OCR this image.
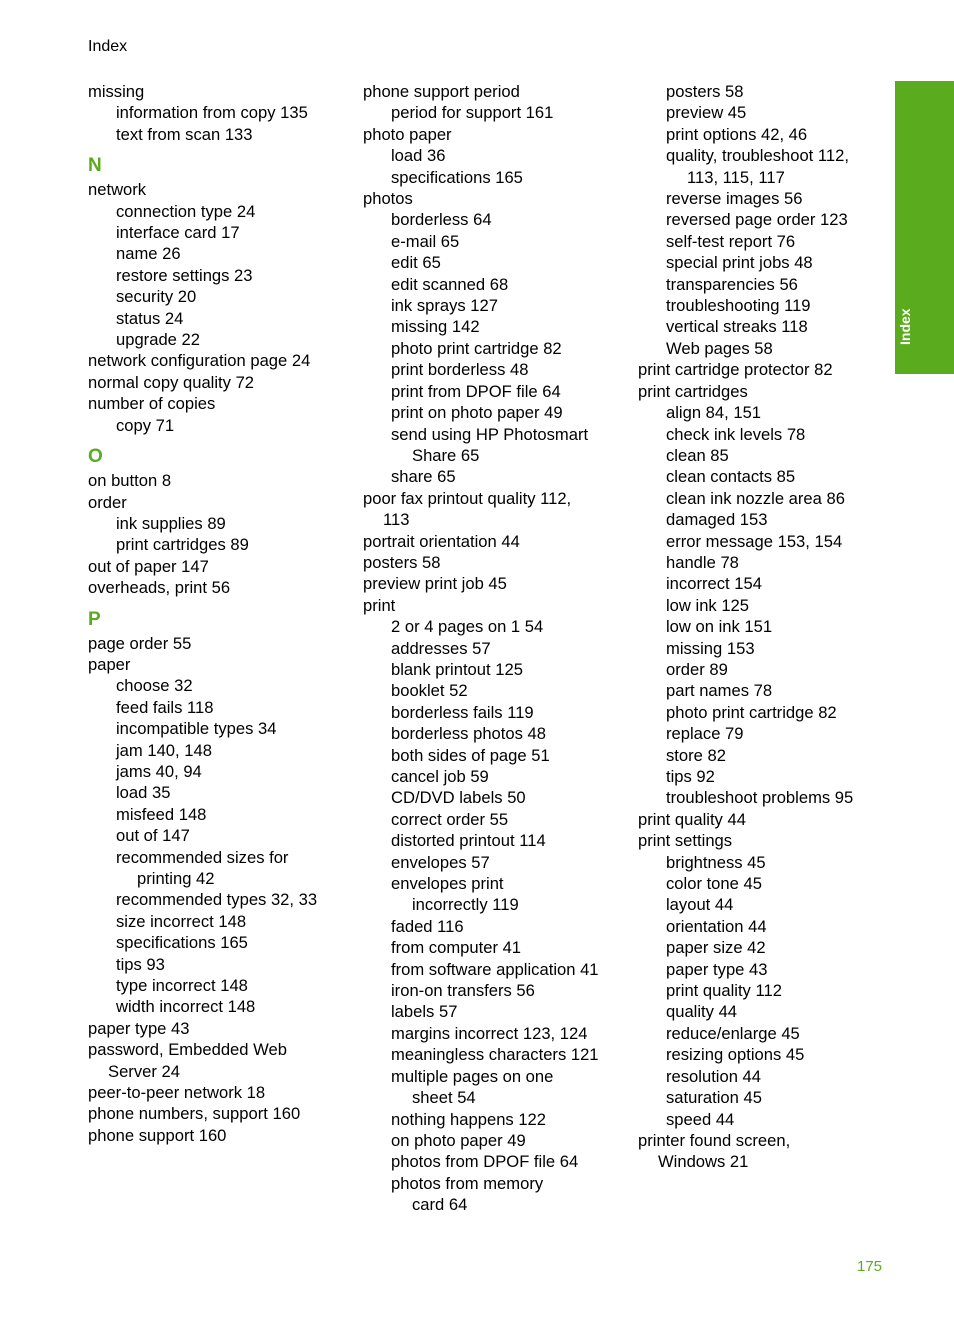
Index
missing
information from copy 135
text from scan 133
N
network
connection type 24
interface card 17
name 26
restore settings 23
security 20
status 24
upgrade 22
network configuration page 24
normal copy quality 72
number of copies
copy 71
O
on button 8
order
ink supplies 89
print cartridges 89
out of paper 147
overheads, print 56
P
page order 55
paper
choose 32
feed fails 118
incompatible types 34
jam 140, 148
jams 40, 94
load 35
misfeed 148
out of 147
recommended sizes for
printing 42
recommended types 32, 33
size incorrect 148
specifications 165
tips 93
type incorrect 148
width incorrect 148
paper type 43
password, Embedded Web
Server 24
peer-to-peer network 18
phone numbers, support 160
phone support 160
phone support period
period for support 161
photo paper
load 36
specifications 165
photos
borderless 64
e-mail 65
edit 65
edit scanned 68
ink sprays 127
missing 142
photo print cartridge 82
print borderless 48
print from DPOF file 64
print on photo paper 49
send using HP Photosmart
Share 65
share 65
poor fax printout quality 112,
113
portrait orientation 44
posters 58
preview print job 45
print
2 or 4 pages on 1 54
addresses 57
blank printout 125
booklet 52
borderless fails 119
borderless photos 48
both sides of page 51
cancel job 59
CD/DVD labels 50
correct order 55
distorted printout 114
envelopes 57
envelopes print
incorrectly 119
faded 116
from computer 41
from software application 41
iron-on transfers 56
labels 57
margins incorrect 123, 124
meaningless characters 121
multiple pages on one
sheet 54
nothing happens 122
on photo paper 49
photos from DPOF file 64
photos from memory
card 64
posters 58
preview 45
print options 42, 46
quality, troubleshoot 112,
113, 115, 117
reverse images 56
reversed page order 123
self-test report 76
special print jobs 48
transparencies 56
troubleshooting 119
vertical streaks 118
Web pages 58
print cartridge protector 82
print cartridges
align 84, 151
check ink levels 78
clean 85
clean contacts 85
clean ink nozzle area 86
damaged 153
error message 153, 154
handle 78
incorrect 154
low ink 125
low on ink 151
missing 153
order 89
part names 78
photo print cartridge 82
replace 79
store 82
tips 92
troubleshoot problems 95
print quality 44
print settings
brightness 45
color tone 45
layout 44
orientation 44
paper size 42
paper type 43
print quality 112
quality 44
reduce/enlarge 45
resizing options 45
resolution 44
saturation 45
speed 44
printer found screen,
Windows 21
Index
175
